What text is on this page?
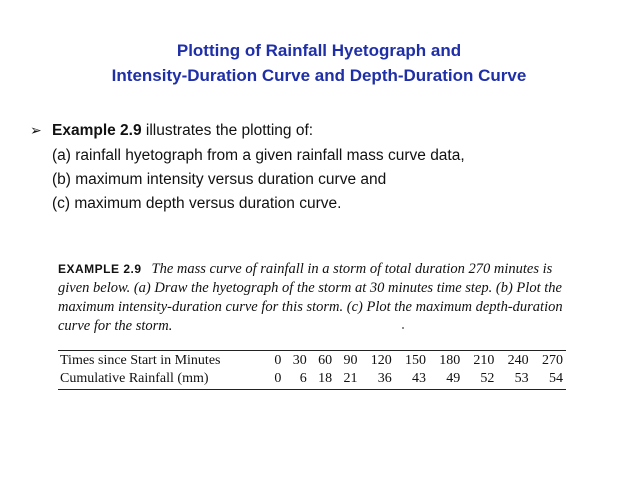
Plotting of Rainfall Hyetograph and
Intensity-Duration Curve and Depth-Duration Curve
➢ Example 2.9 illustrates the plotting of:
(a) rainfall hyetograph from a given rainfall mass curve data,
(b) maximum intensity versus duration curve and
(c) maximum depth versus duration curve.
EXAMPLE 2.9 The mass curve of rainfall in a storm of total duration 270 minutes is given below. (a) Draw the hyetograph of the storm at 30 minutes time step. (b) Plot the maximum intensity-duration curve for this storm. (c) Plot the maximum depth-duration curve for the storm.
Times since Start in Minutes	0	30	60	90	120	150	180	210	240	270
Cumulative Rainfall (mm)	0	6	18	21	36	43	49	52	53	54
